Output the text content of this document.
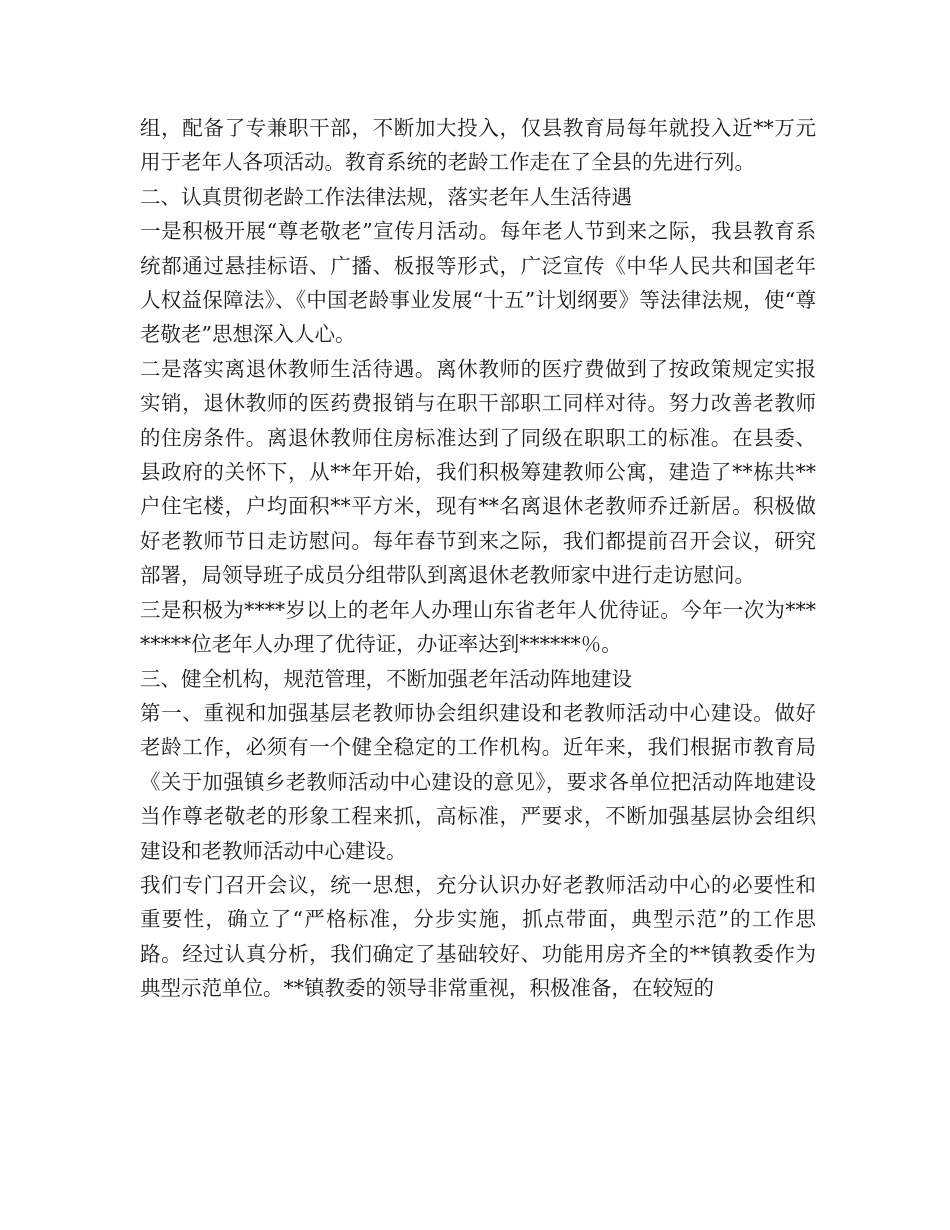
组，配备了专兼职干部，不断加大投入，仅县教育局每年就投入近**万元用于老年人各项活动。教育系统的老龄工作走在了全县的先进行列。

二、认真贯彻老龄工作法律法规，落实老年人生活待遇

一是积极开展“尊老敬老”宣传月活动。每年老人节到来之际，我县教育系统都通过悬挂标语、广播、板报等形式，广泛宣传《中华人民共和国老年人权益保障法》、《中国老龄事业发展“十五”计划纲要》等法律法规，使“尊老敬老”思想深入人心。

二是落实离退休教师生活待遇。离休教师的医疗费做到了按政策规定实报实销，退休教师的医药费报销与在职干部职工同样对待。努力改善老教师的住房条件。离退休教师住房标准达到了同级在职职工的标准。在县委、县政府的关怀下，从**年开始，我们积极筹建教师公寓，建造了**栋共**户住宅楼，户均面积**平方米，现有**名离退休老教师乔迁新居。积极做好老教师节日走访慰问。每年春节到来之际，我们都提前召开会议，研究部署，局领导班子成员分组带队到离退休老教师家中进行走访慰问。

三是积极为****岁以上的老年人办理山东省老年人优待证。今年一次为********位老年人办理了优待证，办证率达到******％。

三、健全机构，规范管理，不断加强老年活动阵地建设

第一、重视和加强基层老教师协会组织建设和老教师活动中心建设。做好老龄工作，必须有一个健全稳定的工作机构。近年来，我们根据市教育局《关于加强镇乡老教师活动中心建设的意见》，要求各单位把活动阵地建设当作尊老敬老的形象工程来抓，高标准，严要求，不断加强基层协会组织建设和老教师活动中心建设。

我们专门召开会议，统一思想，充分认识办好老教师活动中心的必要性和重要性，确立了“严格标准，分步实施，抓点带面，典型示范”的工作思路。经过认真分析，我们确定了基础较好、功能用房齐全的**镇教委作为典型示范单位。**镇教委的领导非常重视，积极准备，在较短的
